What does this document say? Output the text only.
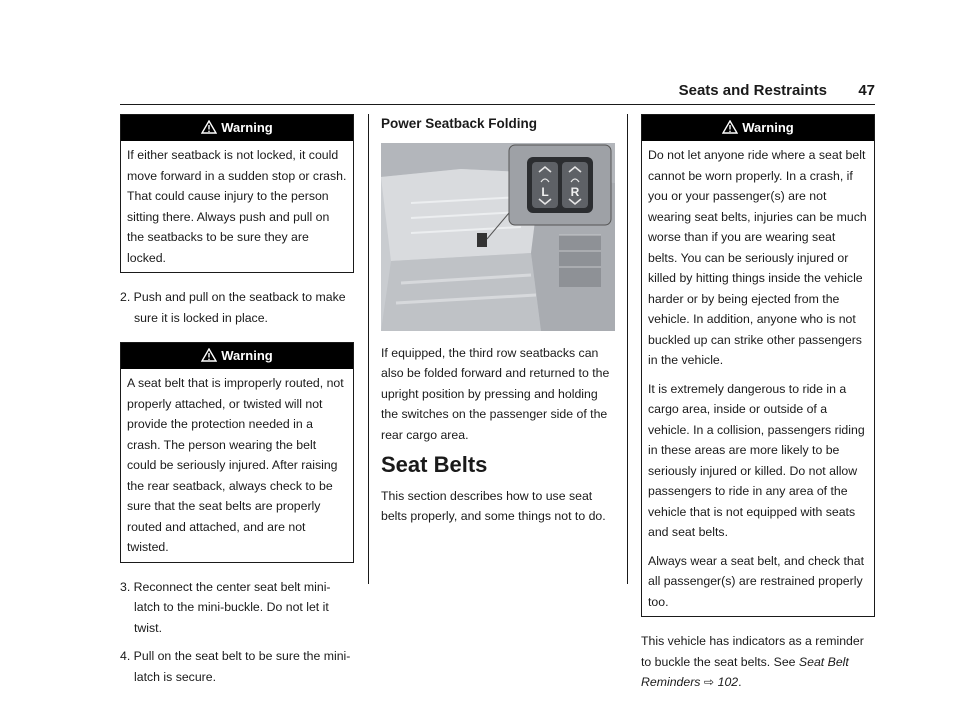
Seats and Restraints 47
Warning

If either seatback is not locked, it could move forward in a sudden stop or crash. That could cause injury to the person sitting there. Always push and pull on the seatbacks to be sure they are locked.

2. Push and pull on the seatback to make sure it is locked in place.

Warning

A seat belt that is improperly routed, not properly attached, or twisted will not provide the protection needed in a crash. The person wearing the belt could be seriously injured. After raising the rear seatback, always check to be sure that the seat belts are properly routed and attached, and are not twisted.

3. Reconnect the center seat belt mini-latch to the mini-buckle. Do not let it twist.

4. Pull on the seat belt to be sure the mini-latch is secure.

Power Seatback Folding
L R

If equipped, the third row seatbacks can also be folded forward and returned to the upright position by pressing and holding the switches on the passenger side of the rear cargo area.

Seat Belts

This section describes how to use seat belts properly, and some things not to do.

Warning

Do not let anyone ride where a seat belt cannot be worn properly. In a crash, if you or your passenger(s) are not wearing seat belts, injuries can be much worse than if you are wearing seat belts. You can be seriously injured or killed by hitting things inside the vehicle harder or by being ejected from the vehicle. In addition, anyone who is not buckled up can strike other passengers in the vehicle.

It is extremely dangerous to ride in a cargo area, inside or outside of a vehicle. In a collision, passengers riding in these areas are more likely to be seriously injured or killed. Do not allow passengers to ride in any area of the vehicle that is not equipped with seats and seat belts.

Always wear a seat belt, and check that all passenger(s) are restrained properly too.

This vehicle has indicators as a reminder to buckle the seat belts. See Seat Belt Reminders ⇨ 102.
